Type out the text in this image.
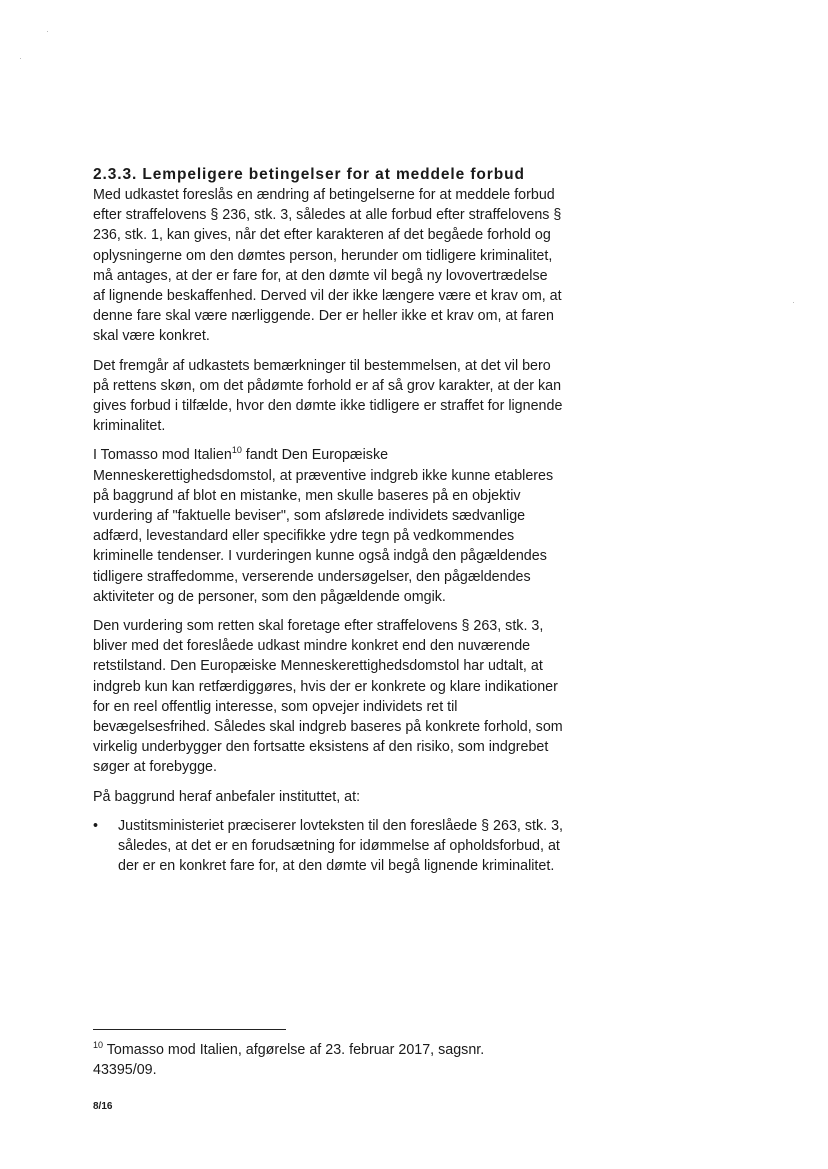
2.3.3. Lempeligere betingelser for at meddele forbud

Med udkastet foreslås en ændring af betingelserne for at meddele forbud efter straffelovens § 236, stk. 3, således at alle forbud efter straffelovens § 236, stk. 1, kan gives, når det efter karakteren af det begåede forhold og oplysningerne om den dømtes person, herunder om tidligere kriminalitet, må antages, at der er fare for, at den dømte vil begå ny lovovertrædelse af lignende beskaffenhed. Derved vil der ikke længere være et krav om, at denne fare skal være nærliggende. Der er heller ikke et krav om, at faren skal være konkret.

Det fremgår af udkastets bemærkninger til bestemmelsen, at det vil bero på rettens skøn, om det pådømte forhold er af så grov karakter, at der kan gives forbud i tilfælde, hvor den dømte ikke tidligere er straffet for lignende kriminalitet.

I Tomasso mod Italien$^{10}$ fandt Den Europæiske Menneskerettighedsdomstol, at præventive indgreb ikke kunne etableres på baggrund af blot en mistanke, men skulle baseres på en objektiv vurdering af "faktuelle beviser", som afslørede individets sædvanlige adfærd, levestandard eller specifikke ydre tegn på vedkommendes kriminelle tendenser. I vurderingen kunne også indgå den pågældendes tidligere straffedomme, verserende undersøgelser, den pågældendes aktiviteter og de personer, som den pågældende omgik.

Den vurdering som retten skal foretage efter straffelovens § 263, stk. 3, bliver med det foreslåede udkast mindre konkret end den nuværende retstilstand. Den Europæiske Menneskerettighedsdomstol har udtalt, at indgreb kun kan retfærdiggøres, hvis der er konkrete og klare indikationer for en reel offentlig interesse, som opvejer individets ret til bevægelsesfrihed. Således skal indgreb baseres på konkrete forhold, som virkelig underbygger den fortsatte eksistens af den risiko, som indgrebet søger at forebygge.

På baggrund heraf anbefaler instituttet, at:

•	Justitsministeriet præciserer lovteksten til den foreslåede § 263, stk. 3, således, at det er en forudsætning for idømmelse af opholdsforbud, at der er en konkret fare for, at den dømte vil begå lignende kriminalitet.
$^{10}$ Tomasso mod Italien, afgørelse af 23. februar 2017, sagsnr. 43395/09.
8/16
